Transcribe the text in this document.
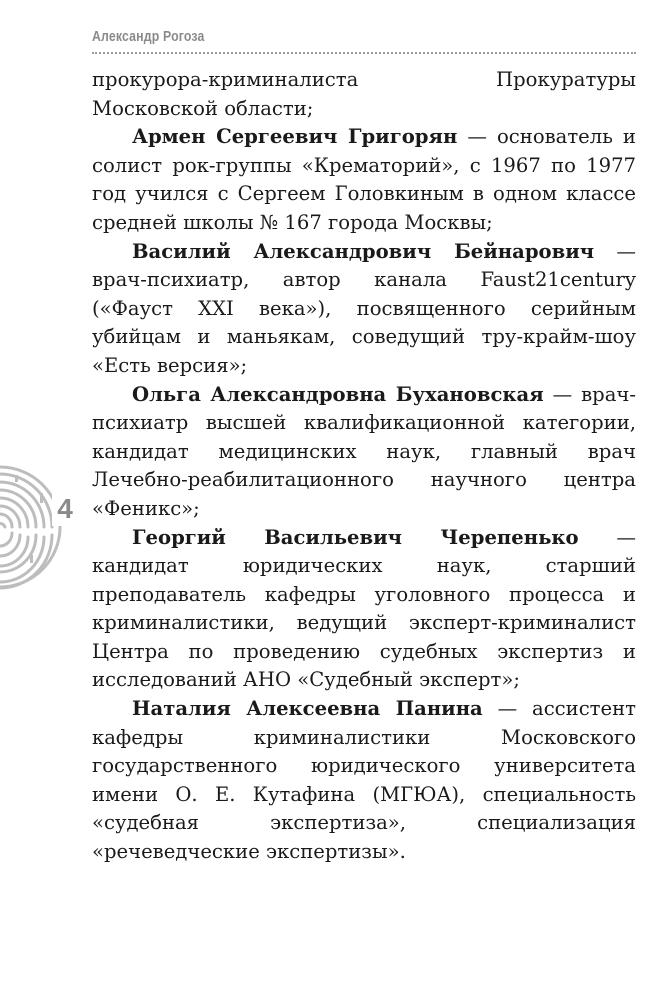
Александр Рогоза
4

прокурора-криминалиста Прокуратуры Московской области;

Армен Сергеевич Григорян — основатель и солист рок-группы «Крематорий», с 1967 по 1977 год учился с Сергеем Головкиным в одном классе средней школы № 167 города Москвы;

Василий Александрович Бейнарович — врач-психиатр, автор канала Faust21century («Фауст XXI века»), посвященного серийным убийцам и маньякам, соведущий тру-крайм-шоу «Есть версия»;

Ольга Александровна Бухановская — врач-психиатр высшей квалификационной категории, кандидат медицинских наук, главный врач Лечебно-реабилитационного научного центра «Феникс»;

Георгий Васильевич Черепенько — кандидат юридических наук, старший преподаватель кафедры уголовного процесса и криминалистики, ведущий эксперт-криминалист Центра по проведению судебных экспертиз и исследований АНО «Судебный эксперт»;

Наталия Алексеевна Панина — ассистент кафедры криминалистики Московского государственного юридического университета имени О. Е. Кутафина (МГЮА), специальность «судебная экспертиза», специализация «речеведческие экспертизы».
